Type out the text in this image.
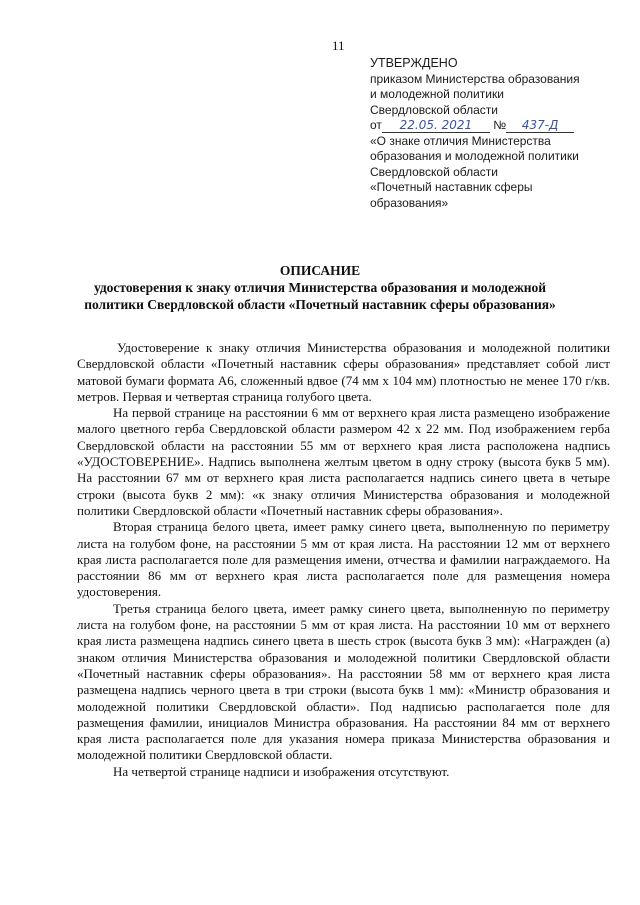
11
УТВЕРЖДЕНО
приказом Министерства образования
и молодежной политики
Свердловской области
от 22.05. 2021 № 437-Д
«О знаке отличия Министерства
образования и молодежной политики
Свердловской области
«Почетный наставник сферы
образования»
ОПИСАНИЕ
удостоверения к знаку отличия Министерства образования и молодежной
политики Свердловской области «Почетный наставник сферы образования»

Удостоверение к знаку отличия Министерства образования и молодежной политики Свердловской области «Почетный наставник сферы образования» представляет собой лист матовой бумаги формата А6, сложенный вдвое (74 мм х 104 мм) плотностью не менее 170 г/кв. метров. Первая и четвертая страница голубого цвета.

На первой странице на расстоянии 6 мм от верхнего края листа размещено изображение малого цветного герба Свердловской области размером 42 х 22 мм. Под изображением герба Свердловской области на расстоянии 55 мм от верхнего края листа расположена надпись «УДОСТОВЕРЕНИЕ». Надпись выполнена желтым цветом в одну строку (высота букв 5 мм). На расстоянии 67 мм от верхнего края листа располагается надпись синего цвета в четыре строки (высота букв 2 мм): «к знаку отличия Министерства образования и молодежной политики Свердловской области «Почетный наставник сферы образования».

Вторая страница белого цвета, имеет рамку синего цвета, выполненную по периметру листа на голубом фоне, на расстоянии 5 мм от края листа. На расстоянии 12 мм от верхнего края листа располагается поле для размещения имени, отчества и фамилии награждаемого. На расстоянии 86 мм от верхнего края листа располагается поле для размещения номера удостоверения.

Третья страница белого цвета, имеет рамку синего цвета, выполненную по периметру листа на голубом фоне, на расстоянии 5 мм от края листа. На расстоянии 10 мм от верхнего края листа размещена надпись синего цвета в шесть строк (высота букв 3 мм): «Награжден (а) знаком отличия Министерства образования и молодежной политики Свердловской области «Почетный наставник сферы образования». На расстоянии 58 мм от верхнего края листа размещена надпись черного цвета в три строки (высота букв 1 мм): «Министр образования и молодежной политики Свердловской области». Под надписью располагается поле для размещения фамилии, инициалов Министра образования. На расстоянии 84 мм от верхнего края листа располагается поле для указания номера приказа Министерства образования и молодежной политики Свердловской области.

На четвертой странице надписи и изображения отсутствуют.
